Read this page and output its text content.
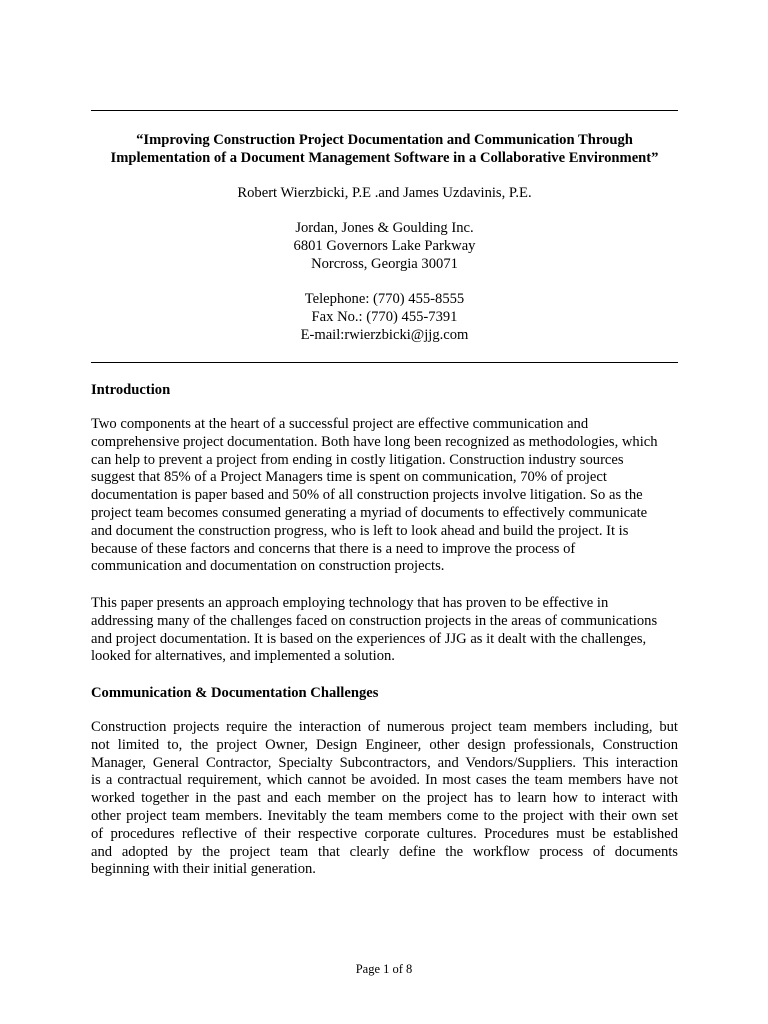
“Improving Construction Project Documentation and Communication Through
Implementation of a Document Management Software in a Collaborative Environment”
Robert Wierzbicki, P.E .and James Uzdavinis, P.E.
Jordan, Jones & Goulding Inc.
6801 Governors Lake Parkway
Norcross, Georgia 30071
Telephone: (770) 455-8555
Fax No.: (770) 455-7391
E-mail:rwierzbicki@jjg.com
Introduction
Two components at the heart of a successful project are effective communication and
comprehensive project documentation. Both have long been recognized as methodologies, which
can help to prevent a project from ending in costly litigation. Construction industry sources
suggest that 85% of a Project Managers time is spent on communication, 70% of project
documentation is paper based and 50% of all construction projects involve litigation. So as the
project team becomes consumed generating a myriad of documents to effectively communicate
and document the construction progress, who is left to look ahead and build the project. It is
because of these factors and concerns that there is a need to improve the process of
communication and documentation on construction projects.
This paper presents an approach employing technology that has proven to be effective in
addressing many of the challenges faced on construction projects in the areas of communications
and project documentation. It is based on the experiences of JJG as it dealt with the challenges,
looked for alternatives, and implemented a solution.
Communication & Documentation Challenges
Construction projects require the interaction of numerous project team members including, but
not limited to, the project Owner, Design Engineer, other design professionals, Construction
Manager, General Contractor, Specialty Subcontractors, and Vendors/Suppliers. This interaction
is a contractual requirement, which cannot be avoided. In most cases the team members have not
worked together in the past and each member on the project has to learn how to interact with
other project team members. Inevitably the team members come to the project with their own set
of procedures reflective of their respective corporate cultures. Procedures must be established
and adopted by the project team that clearly define the workflow process of documents
beginning with their initial generation.
Page 1 of 8
